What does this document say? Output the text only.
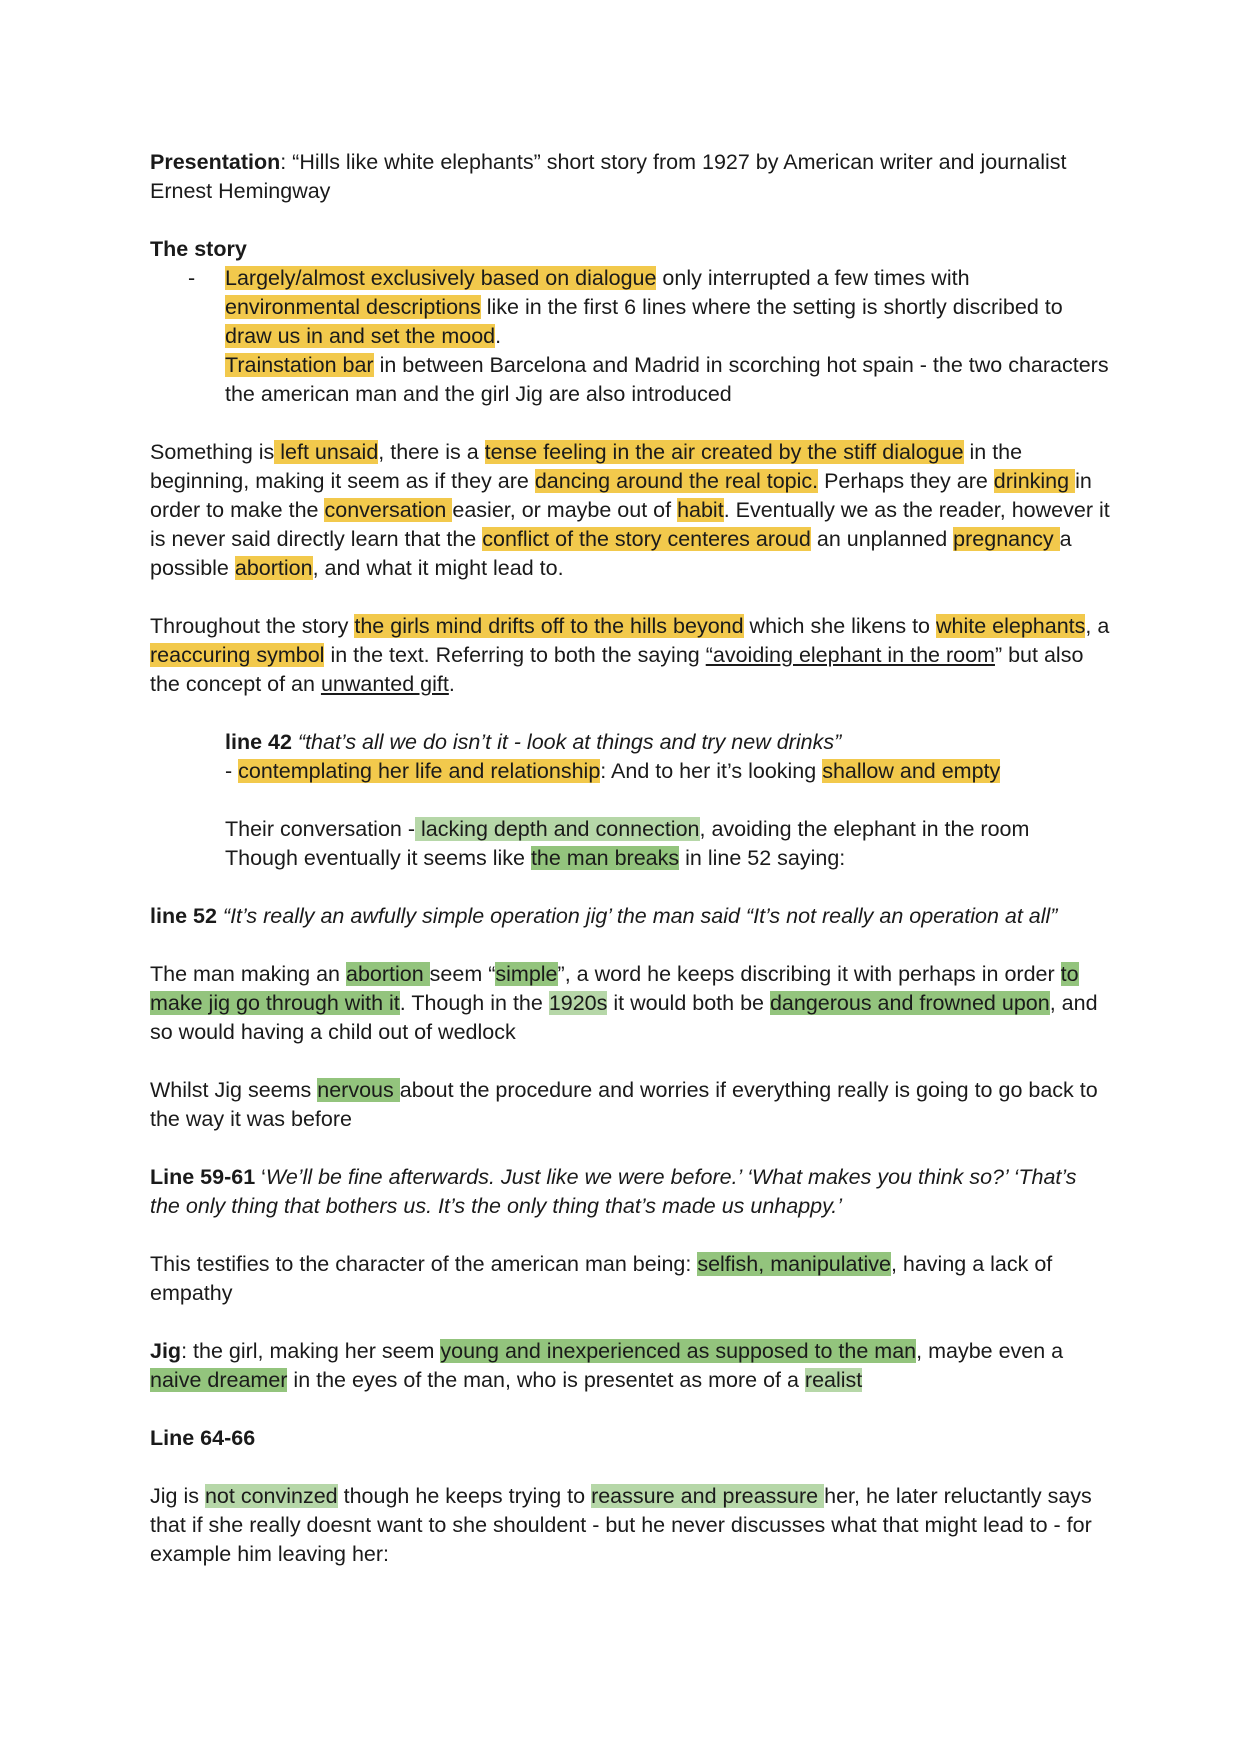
Presentation: “Hills like white elephants” short story from 1927 by American writer and journalist Ernest Hemingway

The story

- Largely/almost exclusively based on dialogue only interrupted a few times with environmental descriptions like in the first 6 lines where the setting is shortly discribed to draw us in and set the mood.

Trainstation bar in between Barcelona and Madrid in scorching hot spain - the two characters the american man and the girl Jig are also introduced

Something is left unsaid, there is a tense feeling in the air created by the stiff dialogue in the beginning, making it seem as if they are dancing around the real topic. Perhaps they are drinking in order to make the conversation easier, or maybe out of habit. Eventually we as the reader, however it is never said directly learn that the conflict of the story centeres aroud an unplanned pregnancy a possible abortion, and what it might lead to.

Throughout the story the girls mind drifts off to the hills beyond which she likens to white elephants, a reaccuring symbol in the text. Referring to both the saying “avoiding elephant in the room” but also the concept of an unwanted gift.

line 42 “that’s all we do isn’t it - look at things and try new drinks”

- contemplating her life and relationship: And to her it’s looking shallow and empty

Their conversation - lacking depth and connection, avoiding the elephant in the room

Though eventually it seems like the man breaks in line 52 saying:

line 52 “It’s really an awfully simple operation jig’ the man said “It’s not really an operation at all”

The man making an abortion seem “simple”, a word he keeps discribing it with perhaps in order to make jig go through with it. Though in the 1920s it would both be dangerous and frowned upon, and so would having a child out of wedlock

Whilst Jig seems nervous about the procedure and worries if everything really is going to go back to the way it was before

Line 59-61 ‘We’ll be fine afterwards. Just like we were before.’ ‘What makes you think so?’ ‘That’s the only thing that bothers us. It’s the only thing that’s made us unhappy.’

This testifies to the character of the american man being: selfish, manipulative, having a lack of empathy

Jig: the girl, making her seem young and inexperienced as supposed to the man, maybe even a naive dreamer in the eyes of the man, who is presentet as more of a realist

Line 64-66

Jig is not convinzed though he keeps trying to reassure and preassure her, he later reluctantly says that if she really doesnt want to she shouldent - but he never discusses what that might lead to - for example him leaving her:
